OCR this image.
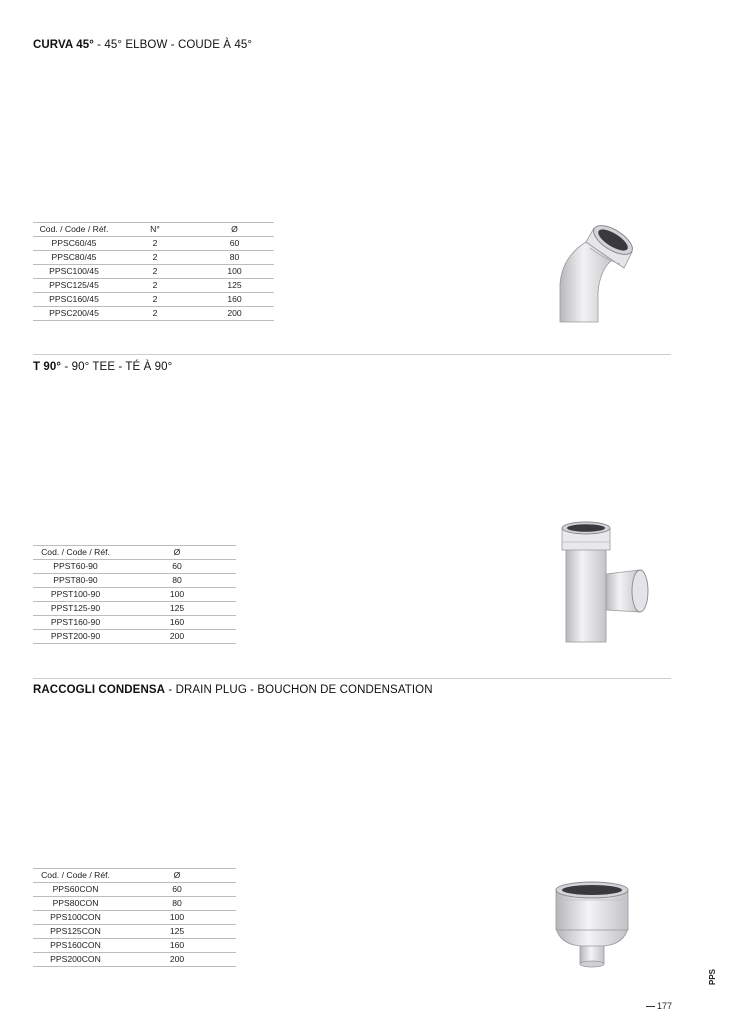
CURVA 45° - 45° ELBOW - COUDE À 45°
Cod. / Code / Réf.	N°	Ø
PPSC60/45	2	60
PPSC80/45	2	80
PPSC100/45	2	100
PPSC125/45	2	125
PPSC160/45	2	160
PPSC200/45	2	200
T 90° - 90° TEE - TÉ À 90°
Cod. / Code / Réf.	Ø
PPST60-90	60
PPST80-90	80
PPST100-90	100
PPST125-90	125
PPST160-90	160
PPST200-90	200
RACCOGLI CONDENSA - DRAIN PLUG - BOUCHON DE CONDENSATION
Cod. / Code / Réf.	Ø
PPS60CON	60
PPS80CON	80
PPS100CON	100
PPS125CON	125
PPS160CON	160
PPS200CON	200
PPS
177
